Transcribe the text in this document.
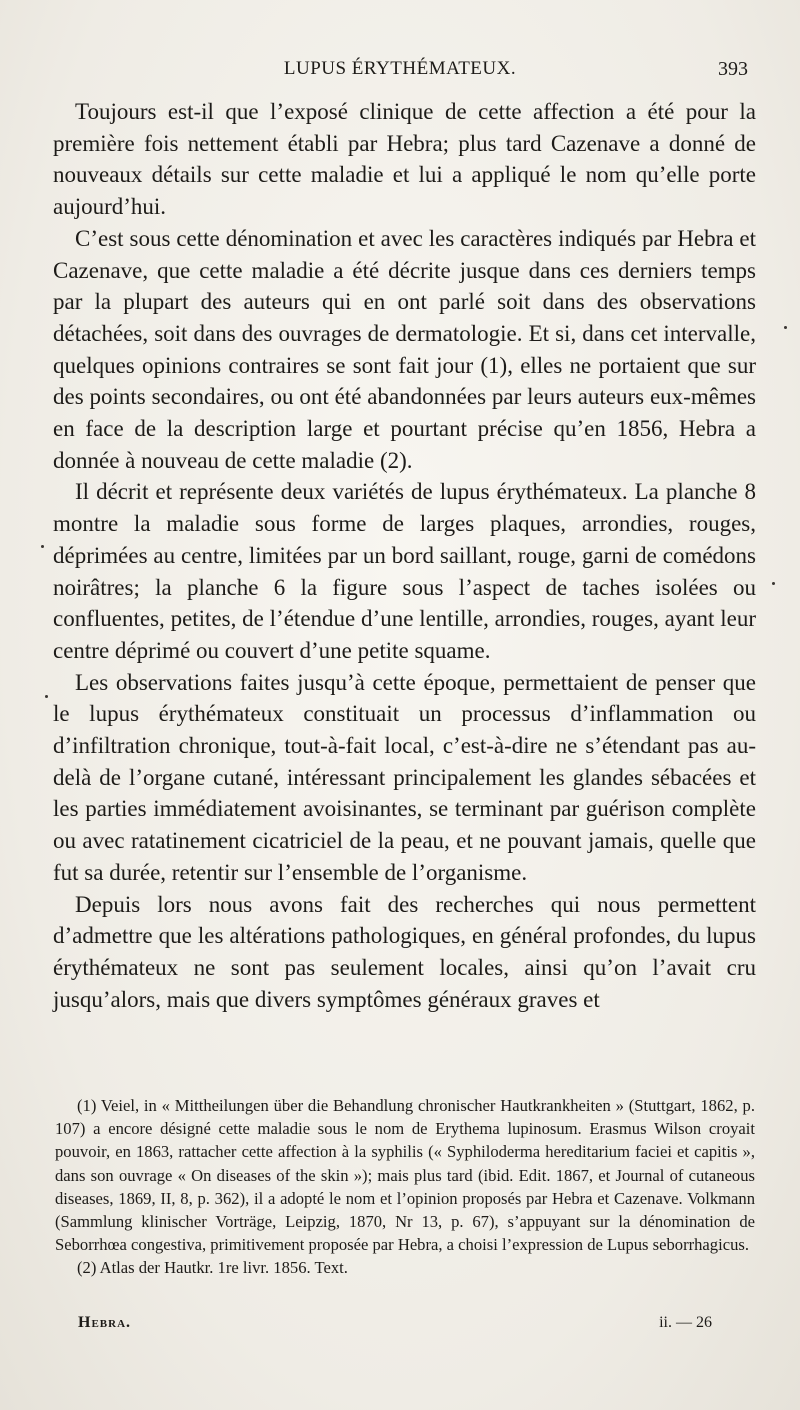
LUPUS ÉRYTHÉMATEUX.	393

Toujours est-il que l’exposé clinique de cette affection a été pour la première fois nettement établi par Hebra; plus tard Cazenave a donné de nouveaux détails sur cette maladie et lui a appliqué le nom qu’elle porte aujourd’hui.

C’est sous cette dénomination et avec les caractères indiqués par Hebra et Cazenave, que cette maladie a été décrite jusque dans ces derniers temps par la plupart des auteurs qui en ont parlé soit dans des observations détachées, soit dans des ouvrages de dermatologie. Et si, dans cet intervalle, quelques opinions contraires se sont fait jour (1), elles ne portaient que sur des points secondaires, ou ont été abandonnées par leurs auteurs eux-mêmes en face de la description large et pourtant précise qu’en 1856, Hebra a donnée à nouveau de cette maladie (2).

Il décrit et représente deux variétés de lupus érythémateux. La planche 8 montre la maladie sous forme de larges plaques, arrondies, rouges, déprimées au centre, limitées par un bord saillant, rouge, garni de comédons noirâtres; la planche 6 la figure sous l’aspect de taches isolées ou confluentes, petites, de l’étendue d’une lentille, arrondies, rouges, ayant leur centre déprimé ou couvert d’une petite squame.

Les observations faites jusqu’à cette époque, permettaient de penser que le lupus érythémateux constituait un processus d’inflammation ou d’infiltration chronique, tout-à-fait local, c’est-à-dire ne s’étendant pas au-delà de l’organe cutané, intéressant principalement les glandes sébacées et les parties immédiatement avoisinantes, se terminant par guérison complète ou avec ratatinement cicatriciel de la peau, et ne pouvant jamais, quelle que fut sa durée, retentir sur l’ensemble de l’organisme.

Depuis lors nous avons fait des recherches qui nous permettent d’admettre que les altérations pathologiques, en général profondes, du lupus érythémateux ne sont pas seulement locales, ainsi qu’on l’avait cru jusqu’alors, mais que divers symptômes généraux graves et

(1) Veiel, in « Mittheilungen über die Behandlung chronischer Hautkrankheiten » (Stuttgart, 1862, p. 107) a encore désigné cette maladie sous le nom de Erythema lupinosum. Erasmus Wilson croyait pouvoir, en 1863, rattacher cette affection à la syphilis (« Syphiloderma hereditarium faciei et capitis », dans son ouvrage « On diseases of the skin »); mais plus tard (ibid. Edit. 1867, et Journal of cutaneous diseases, 1869, II, 8, p. 362), il a adopté le nom et l’opinion proposés par Hebra et Cazenave. Volkmann (Sammlung klinischer Vorträge, Leipzig, 1870, Nr 13, p. 67), s’appuyant sur la dénomination de Seborrhœa congestiva, primitivement proposée par Hebra, a choisi l’expression de Lupus seborrhagicus.

(2) Atlas der Hautkr. 1re livr. 1856. Text.

Hebra.	ii. — 26
